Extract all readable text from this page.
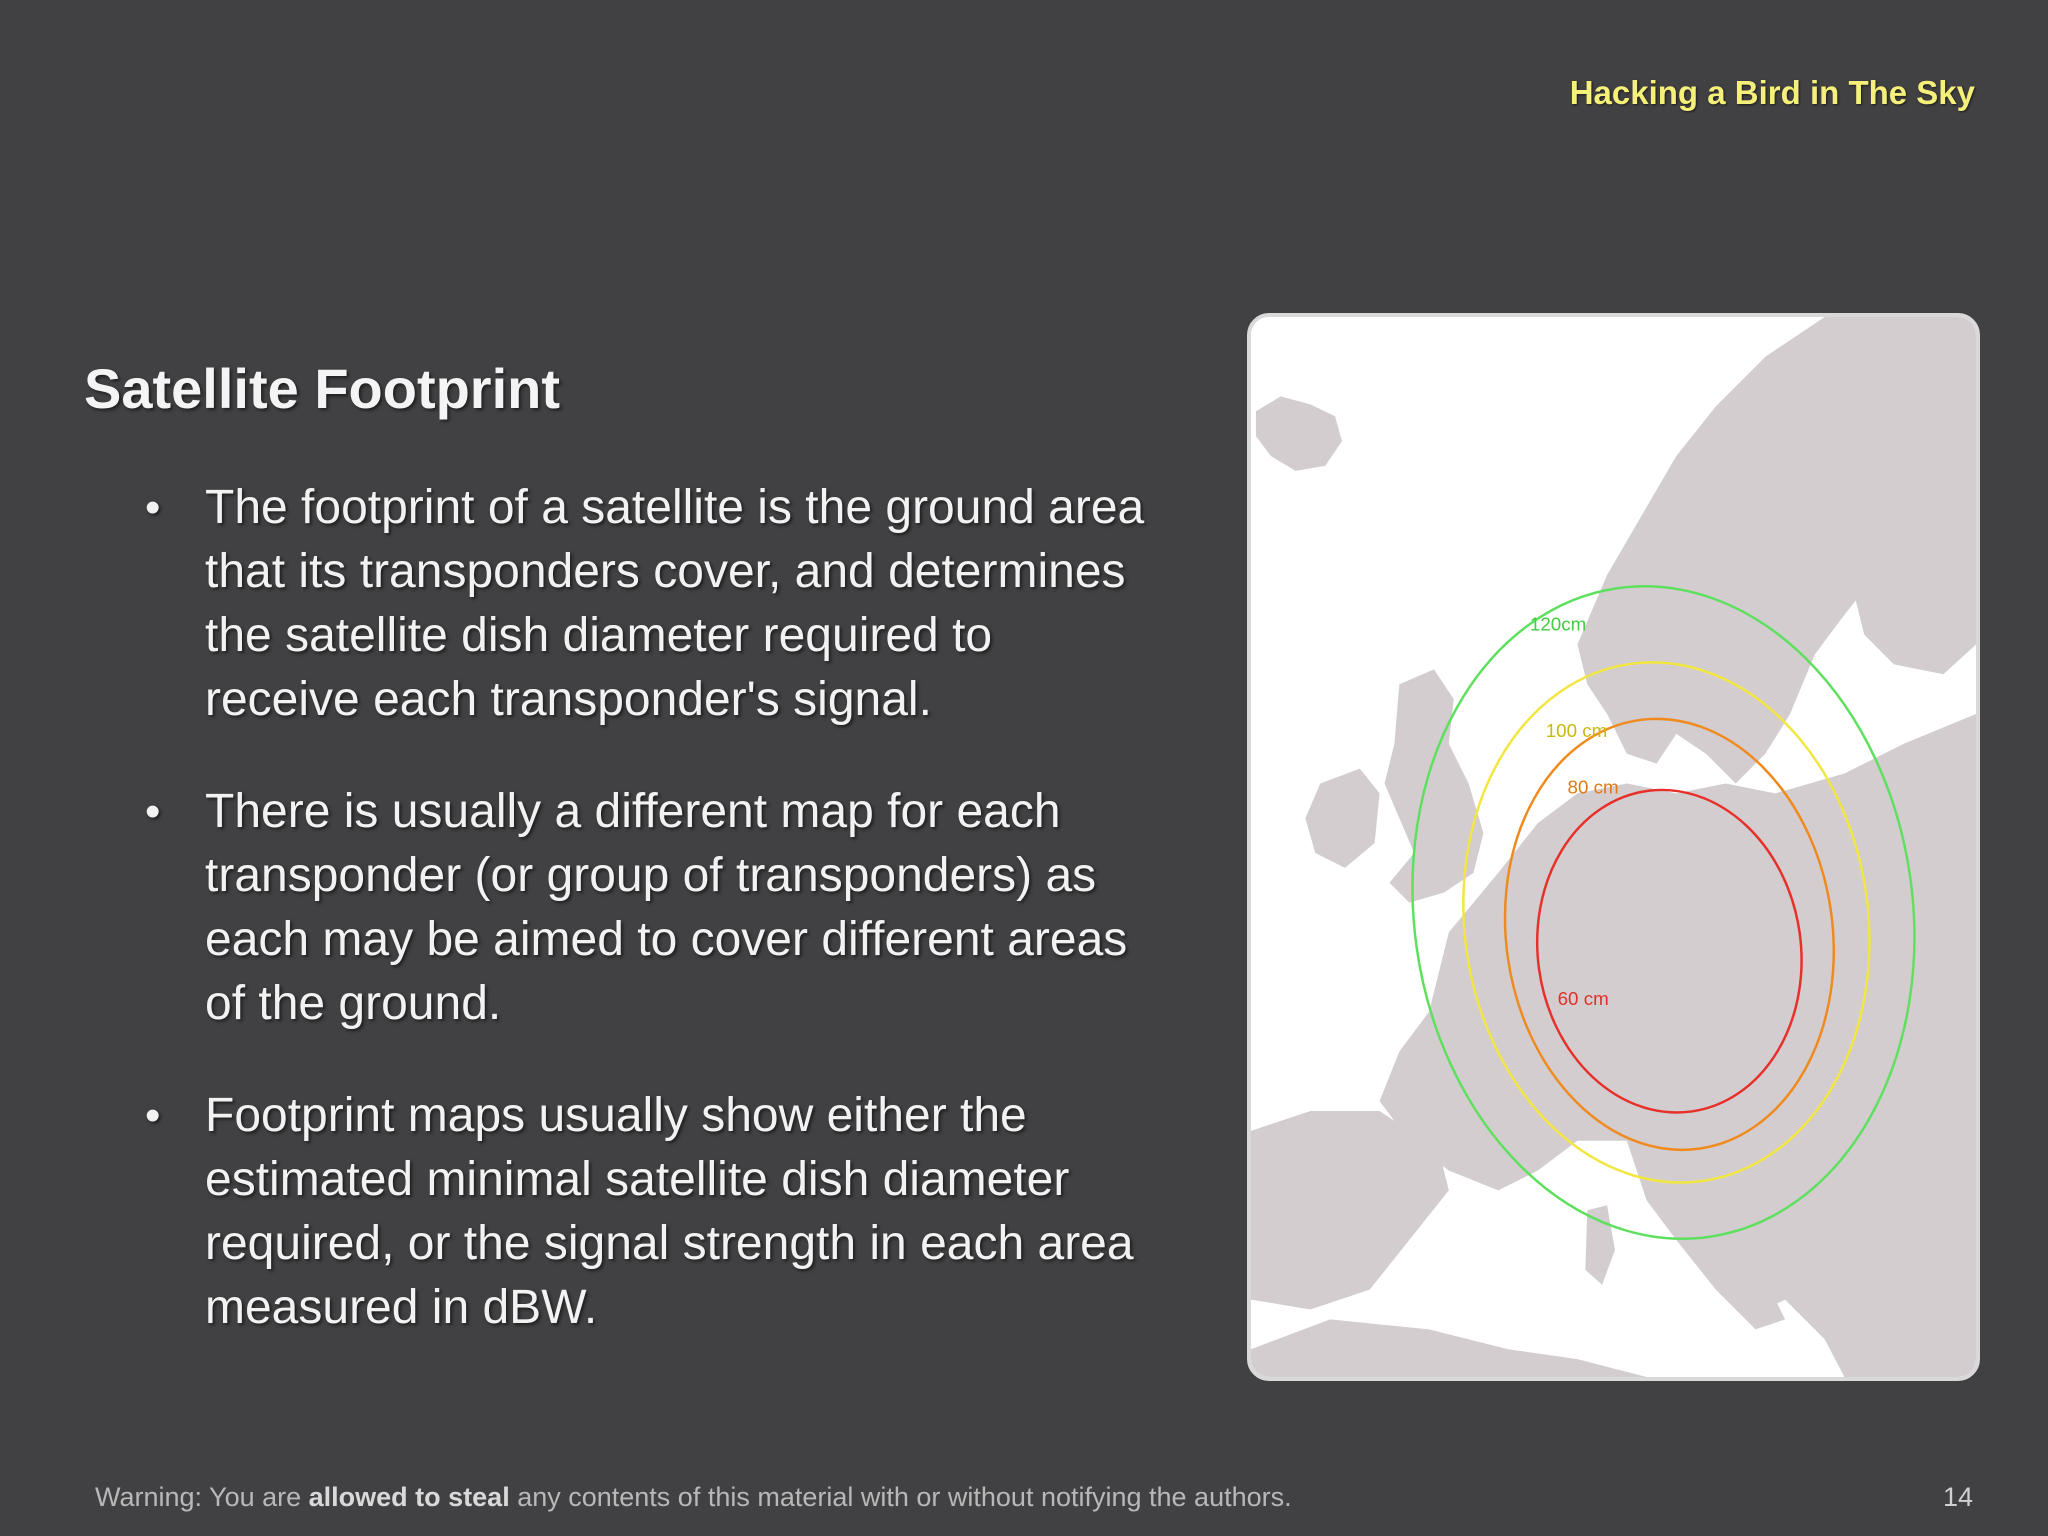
Hacking a Bird in The Sky
Satellite Footprint
• The footprint of a satellite is the ground area
that its transponders cover, and determines
the satellite dish diameter required to
receive each transponder's signal.
• There is usually a different map for each
transponder (or group of transponders) as
each may be aimed to cover different areas
of the ground.
• Footprint maps usually show either the
estimated minimal satellite dish diameter
required, or the signal strength in each area
measured in dBW.
120cm
100 cm
80 cm
60 cm
Warning: You are allowed to steal any contents of this material with or without notifying the authors.	14
